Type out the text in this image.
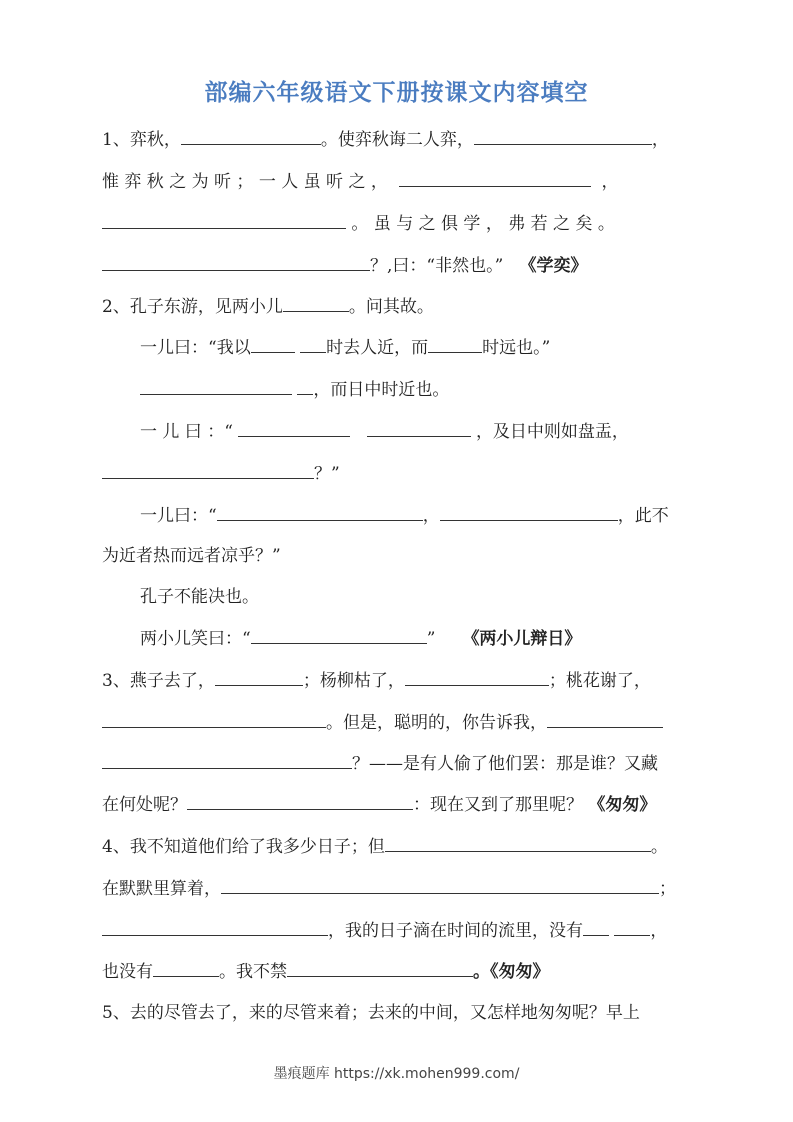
部编六年级语文下册按课文内容填空
1、弈秋，	。使弈秋诲二人弈，	，
惟 弈 秋 之 为 听 ； 一 人 虽 听 之 ，	，
。 虽 与 之 俱 学 ， 弗 若 之 矣 。
？,曰：“非然也。” 《学奕》
2、孔子东游，见两小儿	。问其故。
一儿曰：“我以	时去人近，而	时远也。”
，而日中时近也。
一 儿 曰 ：“	，及日中则如盘盂，
？”
一儿曰：“	，	，此不
为近者热而远者凉乎？”
孔子不能决也。
两小儿笑曰：“	” 《两小儿辩日》
3、燕子去了，	；杨柳枯了，	；桃花谢了，
。但是，聪明的，你告诉我，
？——是有人偷了他们罢：那是谁？又藏
在何处呢？	：现在又到了那里呢？ 《匆匆》
4、我不知道他们给了我多少日子；但	。
在默默里算着，	；
，我的日子滴在时间的流里，没有	，
也没有	。我不禁	。《匆匆》
5、去的尽管去了，来的尽管来着；去来的中间，又怎样地匆匆呢？早上
墨痕题库 https://xk.mohen999.com/
